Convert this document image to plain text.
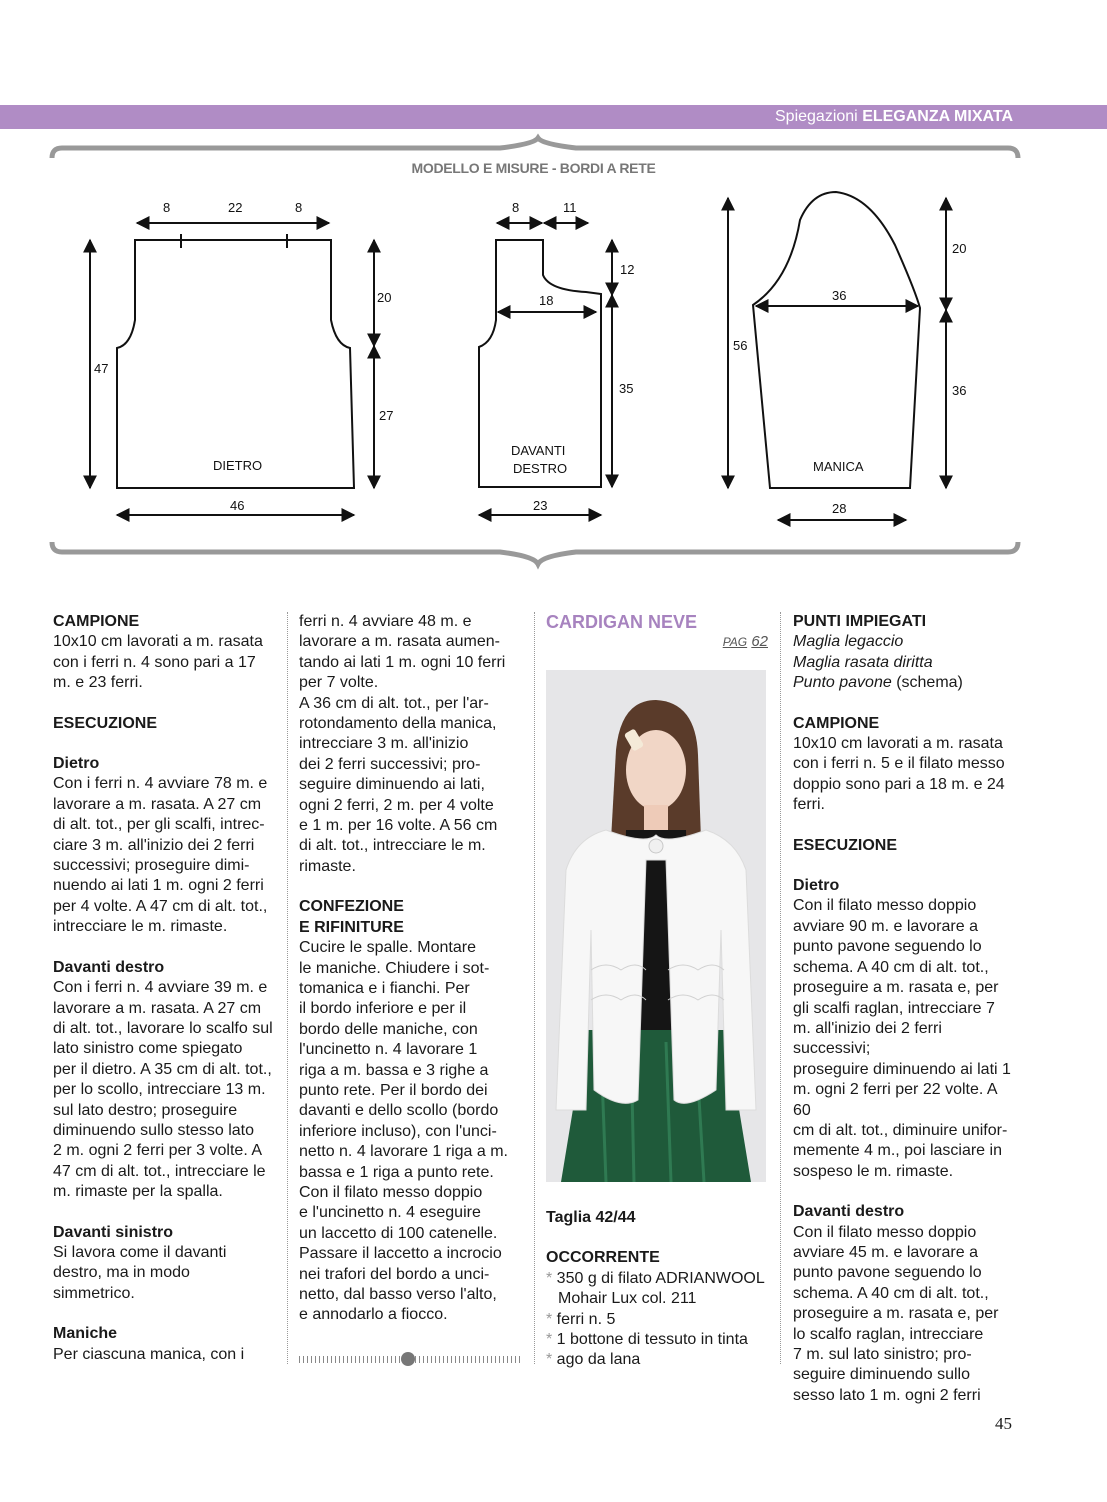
Spiegazioni ELEGANZA MIXATA
8	22	8
47
20
27
DIETRO
46
8	11
12
18
35
DAVANTI
DESTRO
23
20
36
56
36
MANICA
28
MODELLO E MISURE - BORDI A RETE

CAMPIONE

10x10 cm lavorati a m. rasata

con i ferri n. 4 sono pari a 17

m. e 23 ferri.

ESECUZIONE

Dietro

Con i ferri n. 4 avviare 78 m. e

lavorare a m. rasata. A 27 cm

di alt. tot., per gli scalfi, intrec-

ciare 3 m. all'inizio dei 2 ferri

successivi; proseguire dimi-

nuendo ai lati 1 m. ogni 2 ferri

per 4 volte. A 47 cm di alt. tot.,

intrecciare le m. rimaste.

Davanti destro

Con i ferri n. 4 avviare 39 m. e

lavorare a m. rasata. A 27 cm

di alt. tot., lavorare lo scalfo sul

lato sinistro come spiegato

per il dietro. A 35 cm di alt. tot.,

per lo scollo, intrecciare 13 m.

sul lato destro; proseguire

diminuendo sullo stesso lato

2 m. ogni 2 ferri per 3 volte. A

47 cm di alt. tot., intrecciare le

m. rimaste per la spalla.

Davanti sinistro

Si lavora come il davanti

destro, ma in modo

simmetrico.

Maniche

Per ciascuna manica, con i

ferri n. 4 avviare 48 m. e

lavorare a m. rasata aumen-

tando ai lati 1 m. ogni 10 ferri

per 7 volte.

A 36 cm di alt. tot., per l'ar-

rotondamento della manica,

intrecciare 3 m. all'inizio

dei 2 ferri successivi; pro-

seguire diminuendo ai lati,

ogni 2 ferri, 2 m. per 4 volte

e 1 m. per 16 volte. A 56 cm

di alt. tot., intrecciare le m.

rimaste.

CONFEZIONE

E RIFINITURE

Cucire le spalle. Montare

le maniche. Chiudere i sot-

tomanica e i fianchi. Per

il bordo inferiore e per il

bordo delle maniche, con

l'uncinetto n. 4 lavorare 1

riga a m. bassa e 3 righe a

punto rete. Per il bordo dei

davanti e dello scollo (bordo

inferiore incluso), con l'unci-

netto n. 4 lavorare 1 riga a m.

bassa e 1 riga a punto rete.

Con il filato messo doppio

e l'uncinetto n. 4 eseguire

un laccetto di 100 catenelle.

Passare il laccetto a incrocio

nei trafori del bordo a unci-

netto, dal basso verso l'alto,

e annodarlo a fiocco.

CARDIGAN NEVE

PAG 62

Taglia 42/44

OCCORRENTE

* 350 g di filato ADRIANWOOL

Mohair Lux col. 211

* ferri n. 5

* 1 bottone di tessuto in tinta

* ago da lana

PUNTI IMPIEGATI

Maglia legaccio

Maglia rasata diritta

Punto pavone (schema)

CAMPIONE

10x10 cm lavorati a m. rasata

con i ferri n. 5 e il filato messo

doppio sono pari a 18 m. e 24

ferri.

ESECUZIONE

Dietro

Con il filato messo doppio

avviare 90 m. e lavorare a

punto pavone seguendo lo

schema. A 40 cm di alt. tot.,

proseguire a m. rasata e, per

gli scalfi raglan, intrecciare 7

m. all'inizio dei 2 ferri successivi;

proseguire diminuendo ai lati 1

m. ogni 2 ferri per 22 volte. A 60

cm di alt. tot., diminuire unifor-

memente 4 m., poi lasciare in

sospeso le m. rimaste.

Davanti destro

Con il filato messo doppio

avviare 45 m. e lavorare a

punto pavone seguendo lo

schema. A 40 cm di alt. tot.,

proseguire a m. rasata e, per

lo scalfo raglan, intrecciare

7 m. sul lato sinistro; pro-

seguire diminuendo sullo

sesso lato 1 m. ogni 2 ferri

45
